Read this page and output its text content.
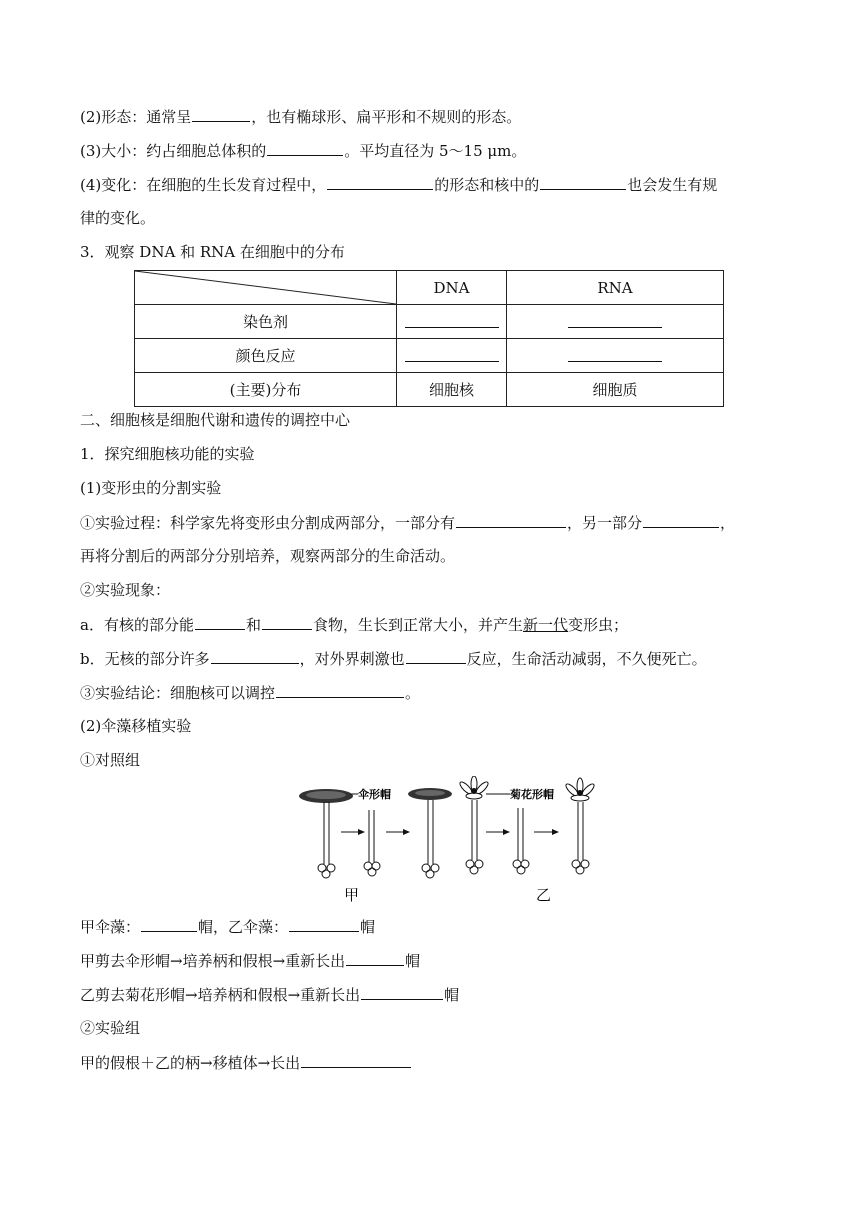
(2)形态：通常呈	，也有椭球形、扁平形和不规则的形态。
(3)大小：约占细胞总体积的	。平均直径为 5～15 μm。
(4)变化：在细胞的生长发育过程中，	的形态和核中的	也会发生有规
律的变化。
3．观察 DNA 和 RNA 在细胞中的分布
	DNA	RNA
染色剂		
颜色反应		
(主要)分布	细胞核	细胞质
二、细胞核是细胞代谢和遗传的调控中心
1．探究细胞核功能的实验
(1)变形虫的分割实验
①实验过程：科学家先将变形虫分割成两部分，一部分有	，另一部分	，
再将分割后的两部分分别培养，观察两部分的生命活动。
②实验现象：
a．有核的部分能	和	食物，生长到正常大小，并产生新一代变形虫；
b．无核的部分许多	，对外界刺激也	反应，生命活动减弱，不久便死亡。
③实验结论：细胞核可以调控	。
(2)伞藻移植实验
①对照组
伞形帽	菊花形帽
甲	乙
甲伞藻：	帽，乙伞藻：	帽
甲剪去伞形帽→培养柄和假根→重新长出	帽
乙剪去菊花形帽→培养柄和假根→重新长出	帽
②实验组
甲的假根＋乙的柄→移植体→长出
